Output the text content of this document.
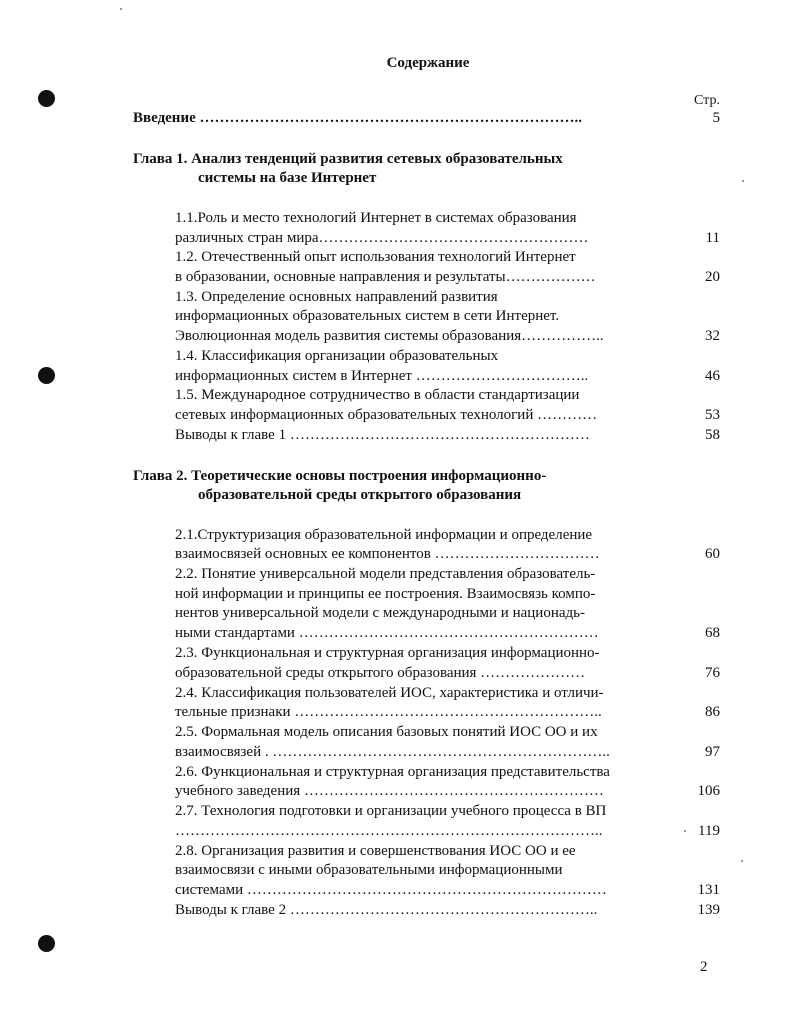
Содержание
Стр.
Введение …………………………………………………………………..	5
Глава 1. Анализ тенденций развития сетевых образовательных
системы на базе Интернет
1.1.Роль и место технологий Интернет в системах образования
различных стран мира………………………………………………	11
1.2. Отечественный опыт использования технологий Интернет
в образовании, основные направления и результаты………………	20
1.3. Определение основных направлений развития
информационных образовательных систем в сети Интернет.
Эволюционная модель развития системы образования……………..	32
1.4. Классификация организации образовательных
информационных систем в Интернет ……………………………..	46
1.5. Международное сотрудничество в области стандартизации
сетевых информационных образовательных технологий …………	53
Выводы к главе 1 ……………………………………………………	58
Глава 2. Теоретические основы построения информационно-
образовательной среды открытого образования
2.1.Структуризация образовательной информации и определение
взаимосвязей основных ее компонентов ……………………………	60
2.2. Понятие универсальной модели представления образователь-
ной информации и принципы ее построения. Взаимосвязь компо-
нентов универсальной модели с международными и национадь-
ными стандартами ……………………………………………………	68
2.3. Функциональная и структурная организация информационно-
образовательной среды открытого образования …………………	76
2.4. Классификация пользователей ИОС, характеристика и отличи-
тельные признаки ……………………………………………………..	86
2.5. Формальная модель описания базовых понятий ИОС ОО и их
взаимосвязей . …………………………………………………………..	97
2.6. Функциональная и структурная организация представительства
учебного заведения ……………………………………………………	106
2.7. Технология подготовки и организации учебного процесса в ВП
…………………………………………………………………………..	119
2.8. Организация развития и совершенствования ИОС ОО и ее
взаимосвязи с иными образовательными информационными
системами ………………………………………………………………	131
Выводы к главе 2 ……………………………………………………..	139
2
